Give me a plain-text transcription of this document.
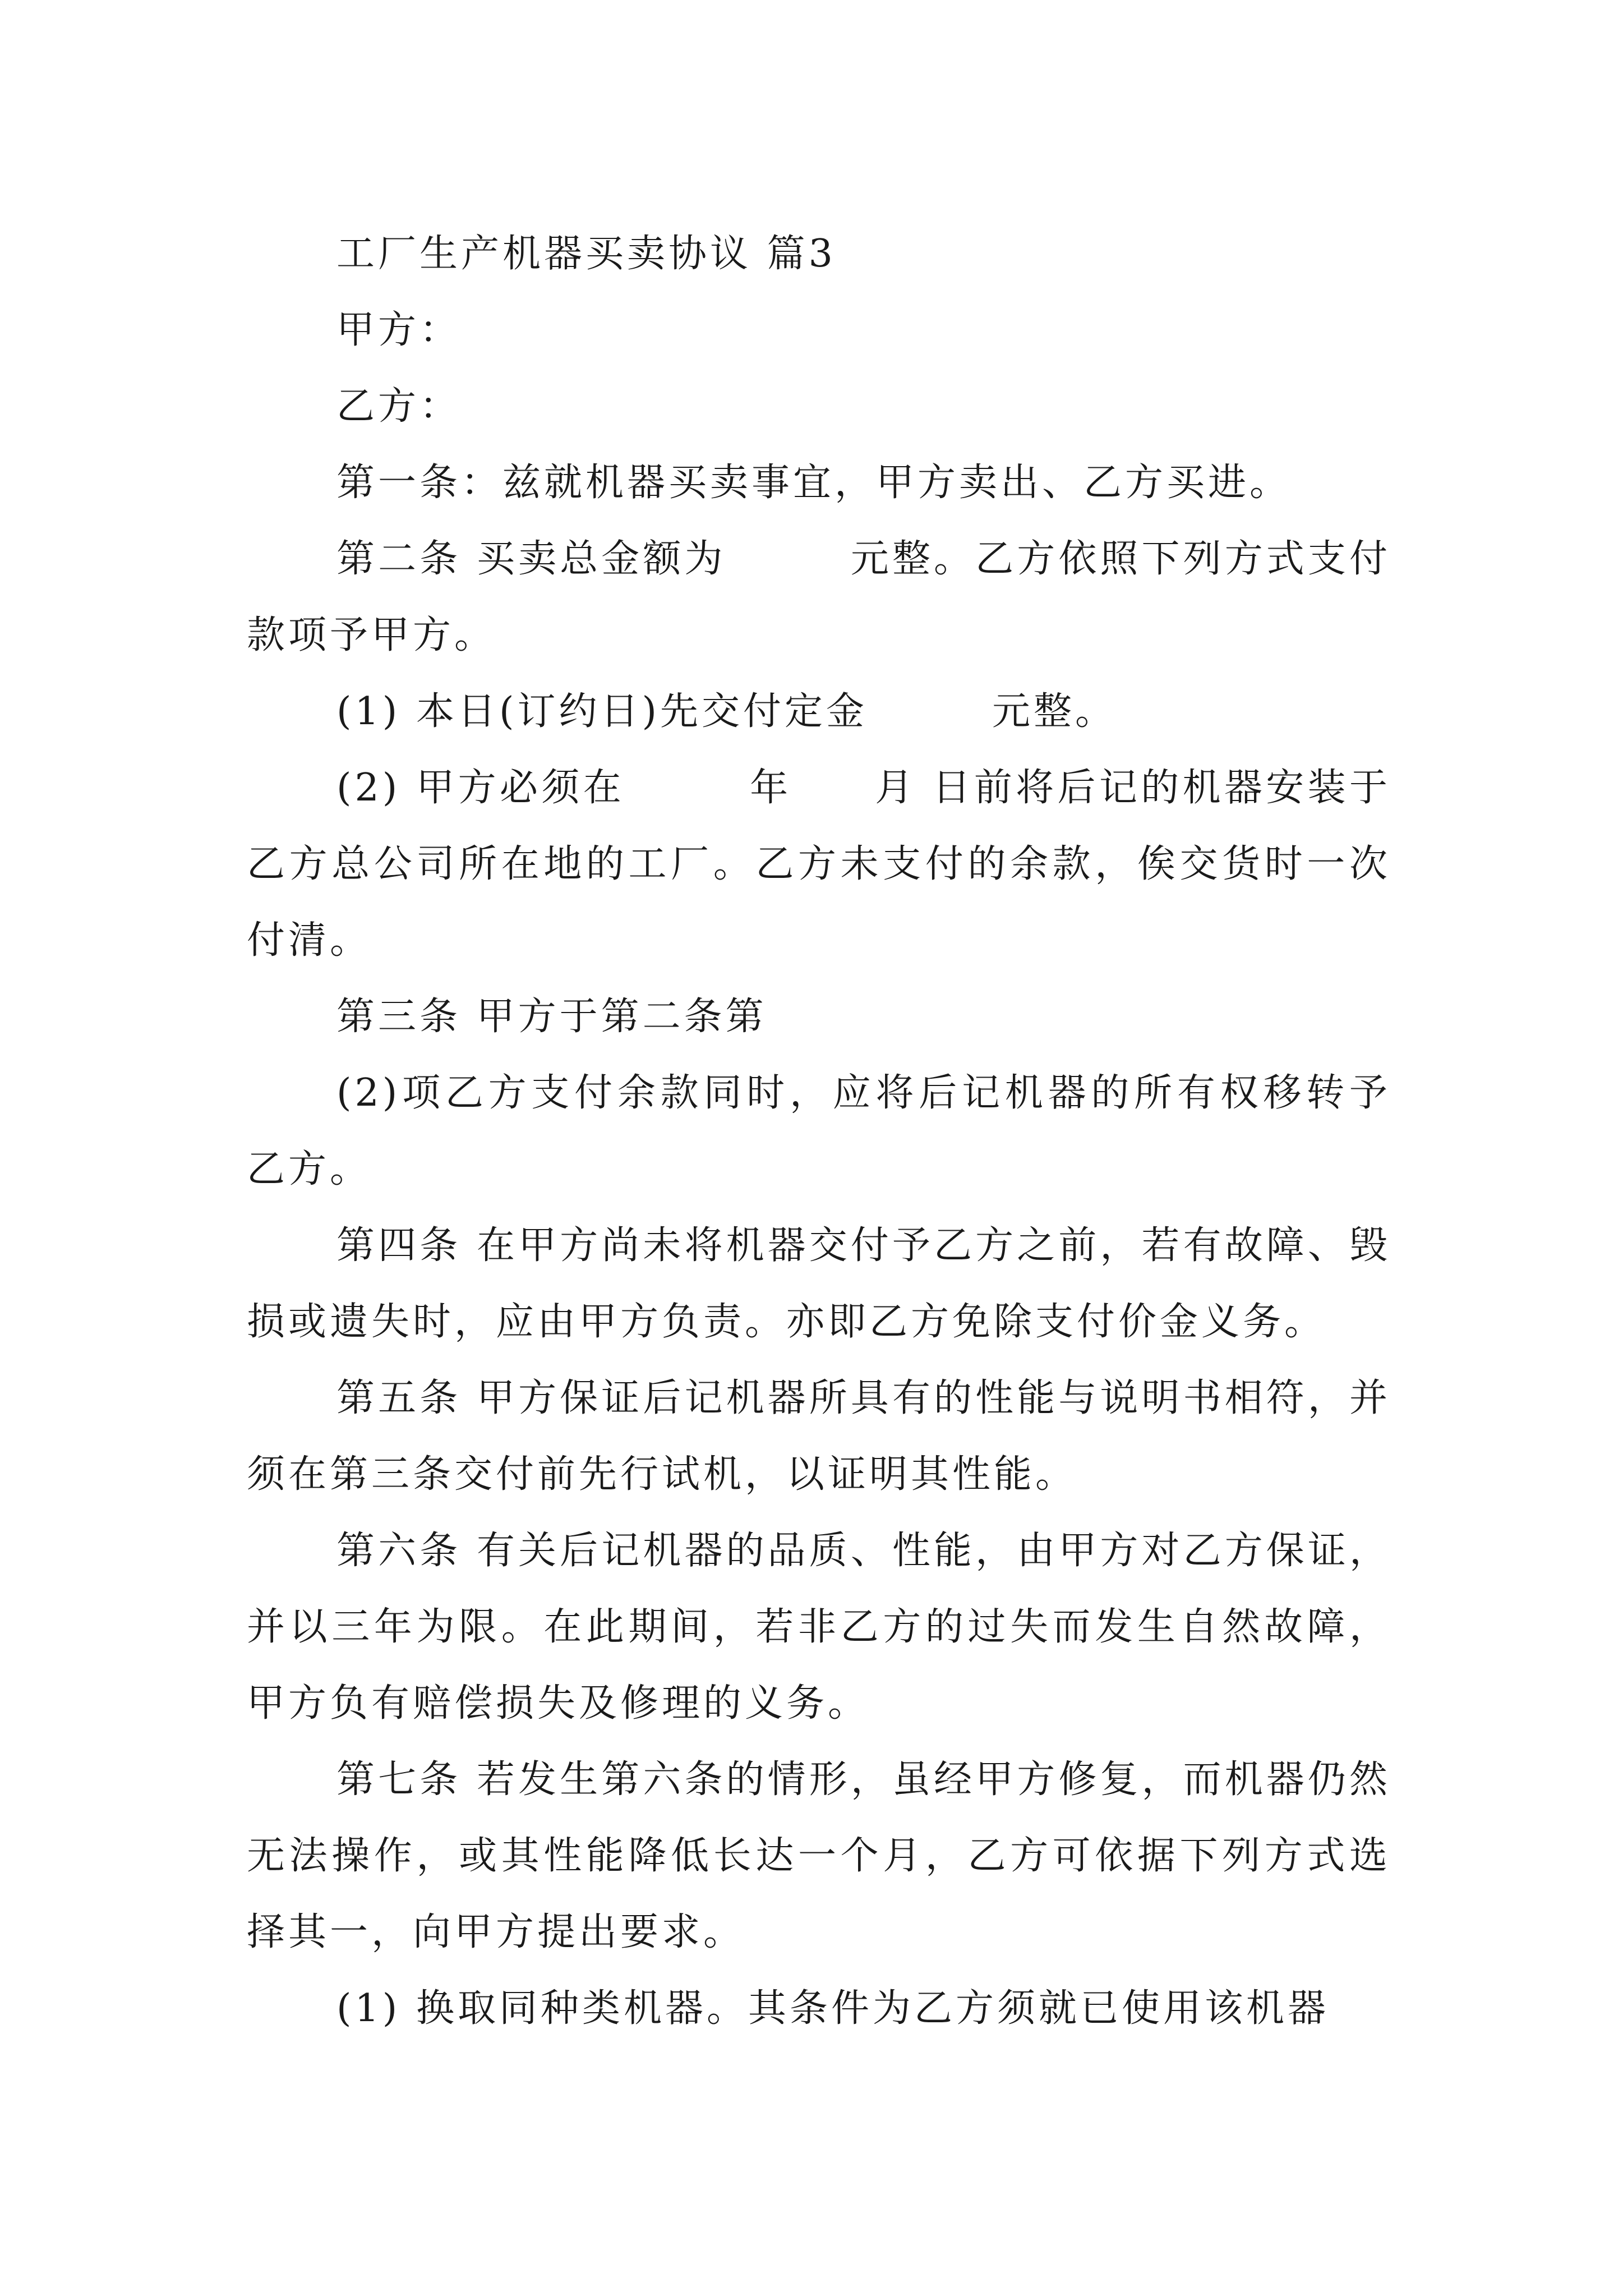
工厂生产机器买卖协议 篇3

甲方：

乙方：

第一条：兹就机器买卖事宜，甲方卖出、乙方买进。

第二条 买卖总金额为　　　元整。乙方依照下列方式支付款项予甲方。

(1) 本日(订约日)先交付定金　　　元整。

(2) 甲方必须在　　　年　　月 日前将后记的机器安装于乙方总公司所在地的工厂。乙方未支付的余款，俟交货时一次付清。

第三条 甲方于第二条第

(2)项乙方支付余款同时，应将后记机器的所有权移转予乙方。

第四条 在甲方尚未将机器交付予乙方之前，若有故障、毁损或遗失时，应由甲方负责。亦即乙方免除支付价金义务。

第五条 甲方保证后记机器所具有的性能与说明书相符，并须在第三条交付前先行试机，以证明其性能。

第六条 有关后记机器的品质、性能，由甲方对乙方保证，并以三年为限。在此期间，若非乙方的过失而发生自然故障，甲方负有赔偿损失及修理的义务。

第七条 若发生第六条的情形，虽经甲方修复，而机器仍然无法操作，或其性能降低长达一个月，乙方可依据下列方式选择其一，向甲方提出要求。

(1) 换取同种类机器。其条件为乙方须就已使用该机器
